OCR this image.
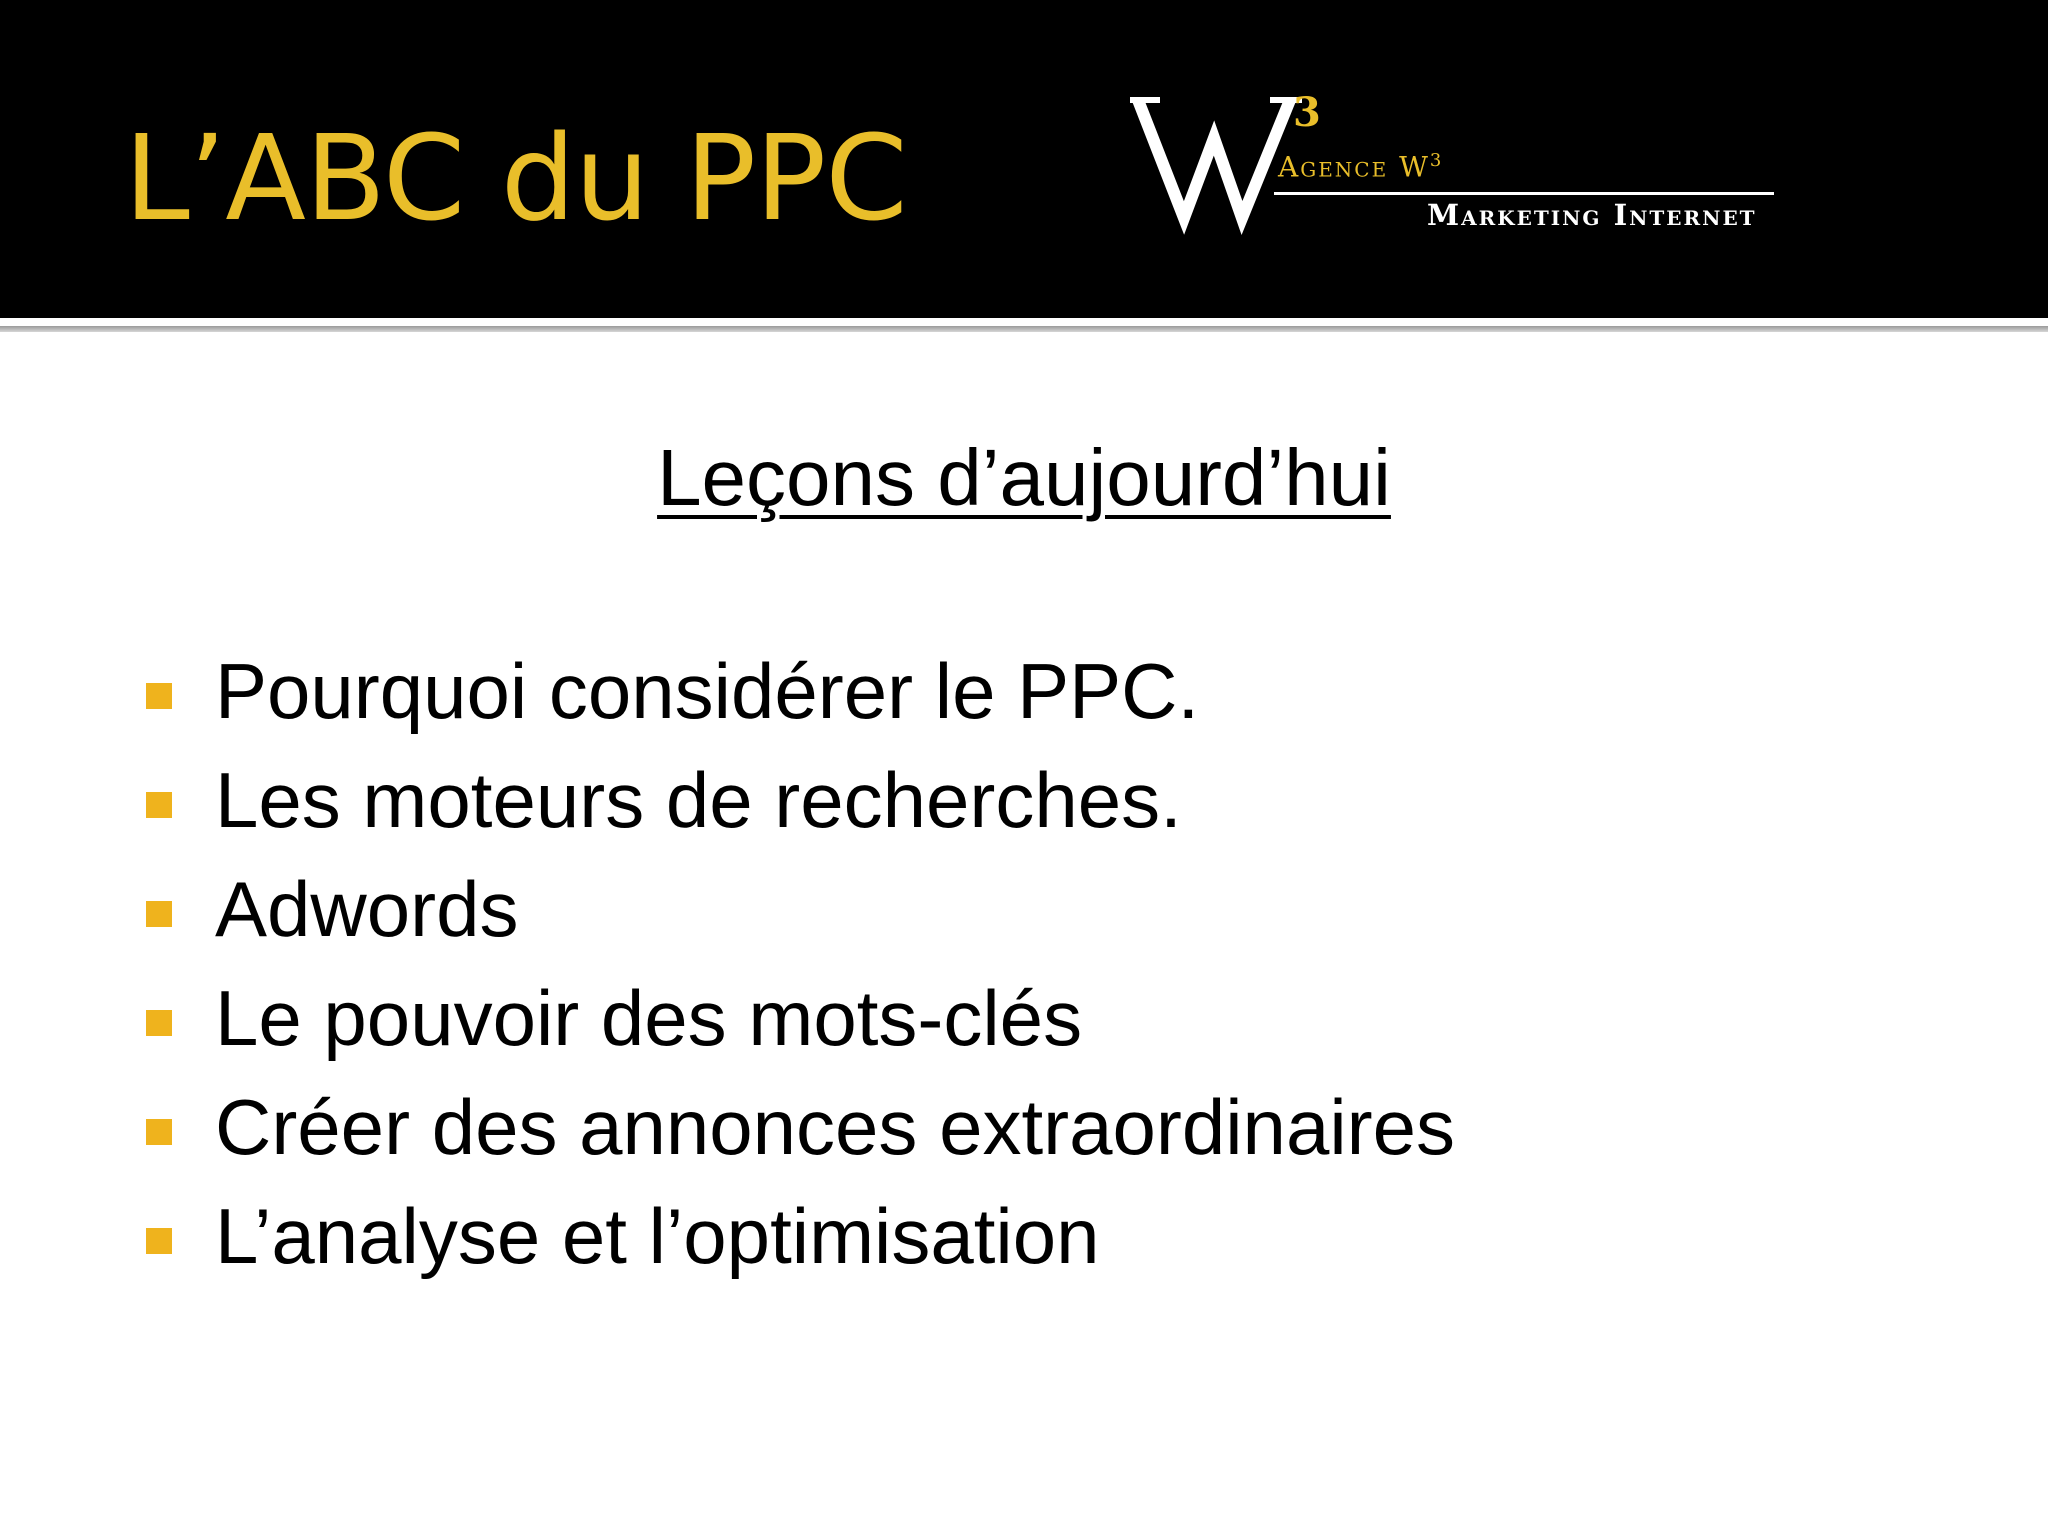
L’ABC du PPC	3
Agence $W^3$
Marketing Internet
Leçons d’aujourd’hui
Pourquoi considérer le PPC.
Les moteurs de recherches.
Adwords
Le pouvoir des mots-clés
Créer des annonces extraordinaires
L’analyse et l’optimisation
